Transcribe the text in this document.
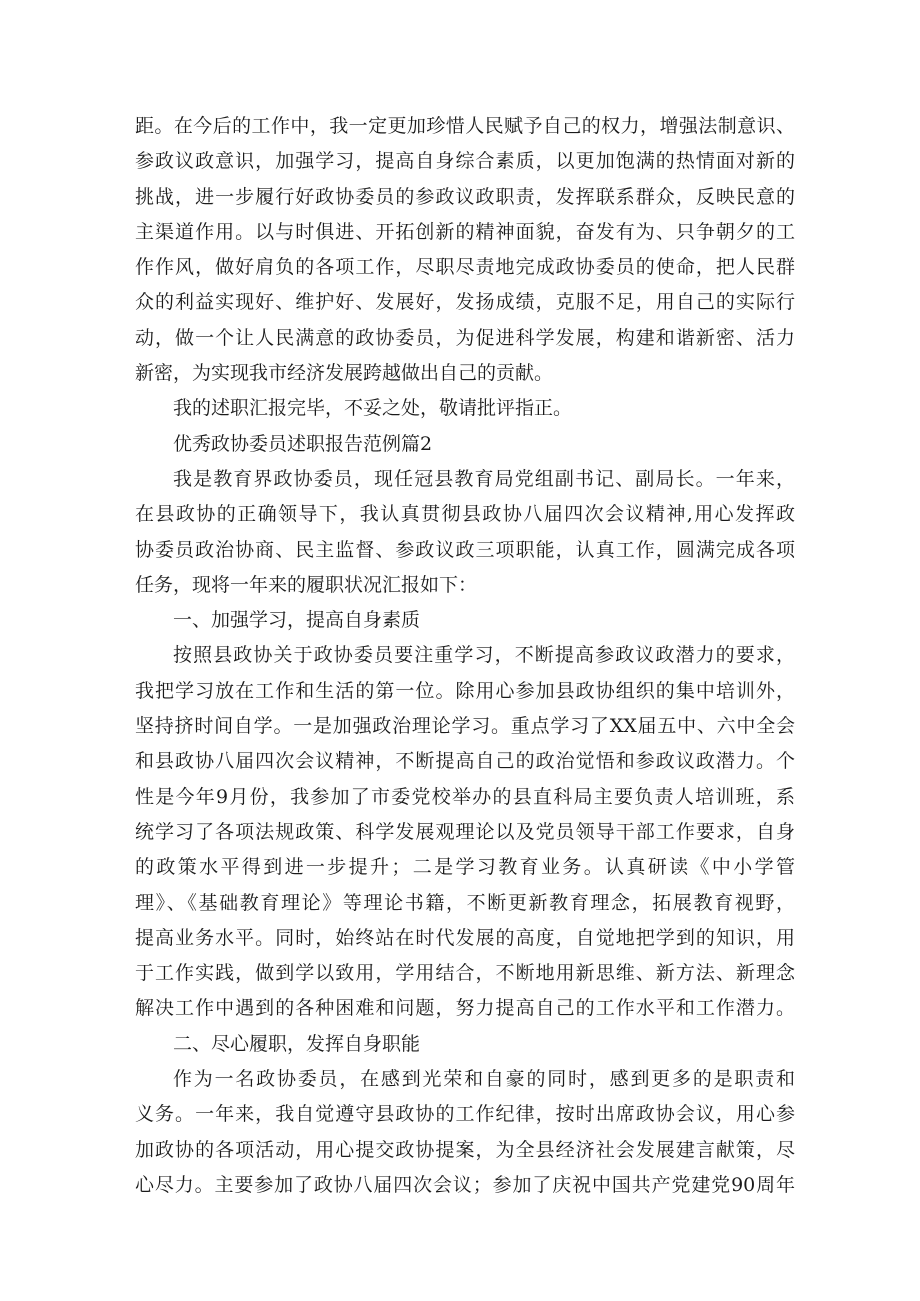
距。在今后的工作中，我一定更加珍惜人民赋予自己的权力，增强法制意识、
参政议政意识，加强学习，提高自身综合素质，以更加饱满的热情面对新的
挑战，进一步履行好政协委员的参政议政职责，发挥联系群众，反映民意的
主渠道作用。以与时俱进、开拓创新的精神面貌，奋发有为、只争朝夕的工
作作风，做好肩负的各项工作，尽职尽责地完成政协委员的使命，把人民群
众的利益实现好、维护好、发展好，发扬成绩，克服不足，用自己的实际行
动，做一个让人民满意的政协委员，为促进科学发展，构建和谐新密、活力
新密，为实现我市经济发展跨越做出自己的贡献。
我的述职汇报完毕，不妥之处，敬请批评指正。
优秀政协委员述职报告范例篇2
我是教育界政协委员，现任冠县教育局党组副书记、副局长。一年来，
在县政协的正确领导下，我认真贯彻县政协八届四次会议精神,用心发挥政
协委员政治协商、民主监督、参政议政三项职能，认真工作，圆满完成各项
任务，现将一年来的履职状况汇报如下：
一、加强学习，提高自身素质
按照县政协关于政协委员要注重学习，不断提高参政议政潜力的要求，
我把学习放在工作和生活的第一位。除用心参加县政协组织的集中培训外，
坚持挤时间自学。一是加强政治理论学习。重点学习了XX届五中、六中全会
和县政协八届四次会议精神，不断提高自己的政治觉悟和参政议政潜力。个
性是今年9月份，我参加了市委党校举办的县直科局主要负责人培训班，系
统学习了各项法规政策、科学发展观理论以及党员领导干部工作要求，自身
的政策水平得到进一步提升；二是学习教育业务。认真研读《中小学管
理》、《基础教育理论》等理论书籍，不断更新教育理念，拓展教育视野，
提高业务水平。同时，始终站在时代发展的高度，自觉地把学到的知识，用
于工作实践，做到学以致用，学用结合，不断地用新思维、新方法、新理念
解决工作中遇到的各种困难和问题，努力提高自己的工作水平和工作潜力。
二、尽心履职，发挥自身职能
作为一名政协委员，在感到光荣和自豪的同时，感到更多的是职责和
义务。一年来，我自觉遵守县政协的工作纪律，按时出席政协会议，用心参
加政协的各项活动，用心提交政协提案，为全县经济社会发展建言献策，尽
心尽力。主要参加了政协八届四次会议；参加了庆祝中国共产党建党90周年
